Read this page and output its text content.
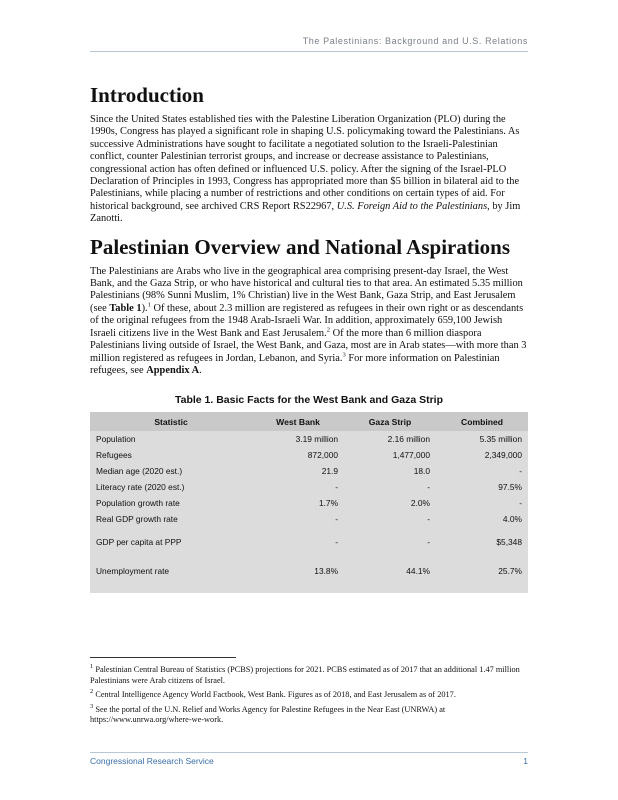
The Palestinians: Background and U.S. Relations
Introduction

Since the United States established ties with the Palestine Liberation Organization (PLO) during the 1990s, Congress has played a significant role in shaping U.S. policymaking toward the Palestinians. As successive Administrations have sought to facilitate a negotiated solution to the Israeli-Palestinian conflict, counter Palestinian terrorist groups, and increase or decrease assistance to Palestinians, congressional action has often defined or influenced U.S. policy. After the signing of the Israel-PLO Declaration of Principles in 1993, Congress has appropriated more than $5 billion in bilateral aid to the Palestinians, while placing a number of restrictions and other conditions on certain types of aid. For historical background, see archived CRS Report RS22967, U.S. Foreign Aid to the Palestinians, by Jim Zanotti.

Palestinian Overview and National Aspirations

The Palestinians are Arabs who live in the geographical area comprising present-day Israel, the West Bank, and the Gaza Strip, or who have historical and cultural ties to that area. An estimated 5.35 million Palestinians (98% Sunni Muslim, 1% Christian) live in the West Bank, Gaza Strip, and East Jerusalem (see Table 1).$^1$ Of these, about 2.3 million are registered as refugees in their own right or as descendants of the original refugees from the 1948 Arab-Israeli War. In addition, approximately 659,100 Jewish Israeli citizens live in the West Bank and East Jerusalem.$^2$ Of the more than 6 million diaspora Palestinians living outside of Israel, the West Bank, and Gaza, most are in Arab states—with more than 3 million registered as refugees in Jordan, Lebanon, and Syria.$^3$ For more information on Palestinian refugees, see Appendix A.

Table 1. Basic Facts for the West Bank and Gaza Strip
Statistic	West Bank	Gaza Strip	Combined
Population	3.19 million	2.16 million	5.35 million
Refugees	872,000	1,477,000	2,349,000
Median age (2020 est.)	21.9	18.0	-
Literacy rate (2020 est.)	-	-	97.5%
Population growth rate	1.7%	2.0%	-
Real GDP growth rate	-	-	4.0%
GDP per capita at PPP	-	-	$5,348
Unemployment rate	13.8%	44.1%	25.7%

$^1$ Palestinian Central Bureau of Statistics (PCBS) projections for 2021. PCBS estimated as of 2017 that an additional 1.47 million Palestinians were Arab citizens of Israel.
$^2$ Central Intelligence Agency World Factbook, West Bank. Figures as of 2018, and East Jerusalem as of 2017.
$^3$ See the portal of the U.N. Relief and Works Agency for Palestine Refugees in the Near East (UNRWA) at https://www.unrwa.org/where-we-work.
Congressional Research Service	1
